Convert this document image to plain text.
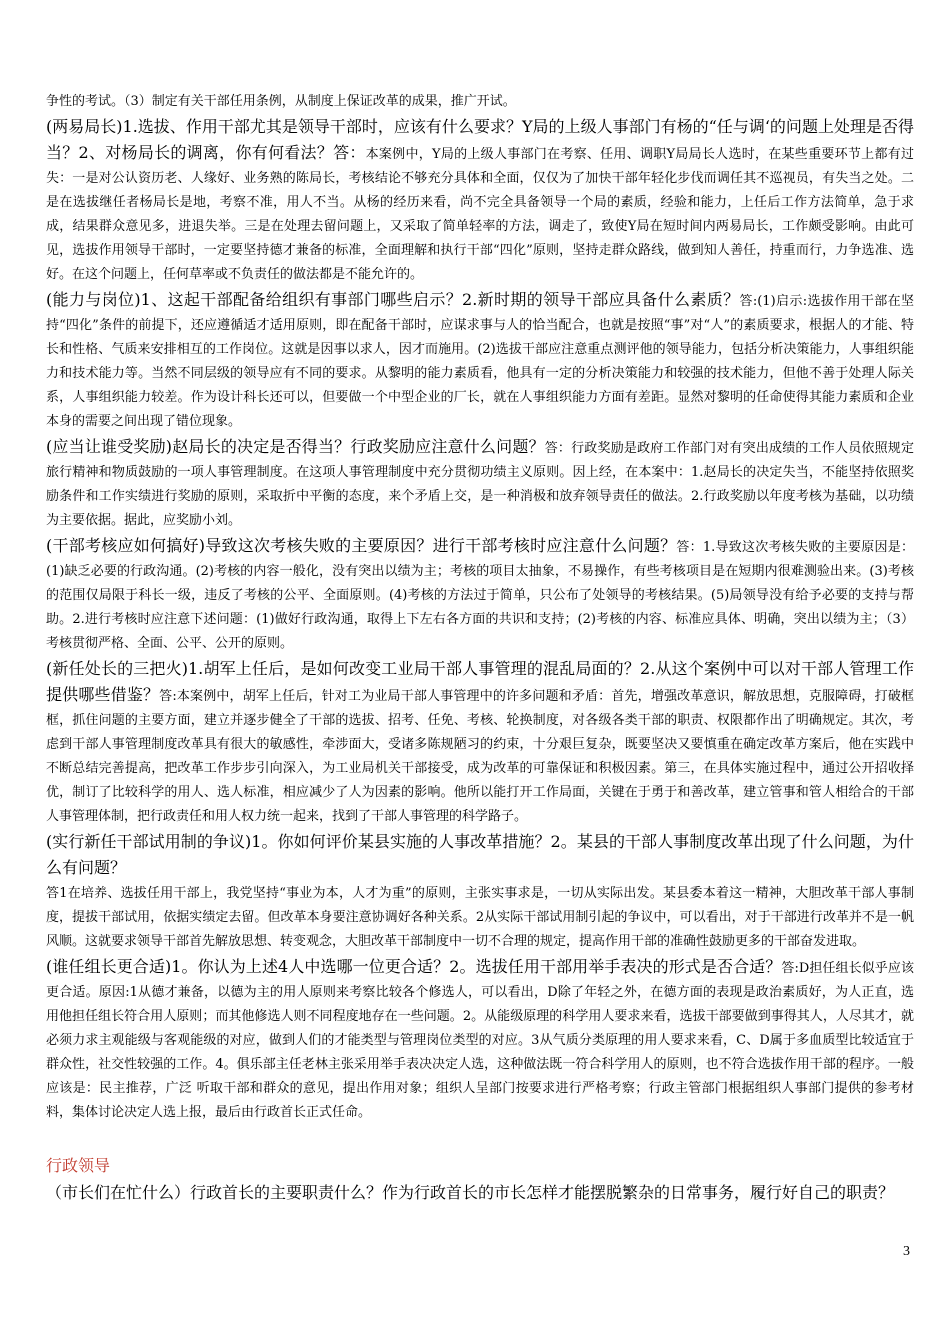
争性的考试。（3）制定有关干部任用条例，从制度上保证改革的成果，推广开试。

(两易局长)1.选拔、作用干部尤其是领导干部时，应该有什么要求？Y局的上级人事部门有杨的“任与调‘的问题上处理是否得当？2、对杨局长的调离，你有何看法？答：本案例中，Y局的上级人事部门在考察、任用、调职Y局局长人选时，在某些重要环节上都有过失：一是对公认资历老、人缘好、业务熟的陈局长，考核结论不够充分具体和全面，仅仅为了加快干部年轻化步伐而调任其不巡视员，有失当之处。二是在选拔继任者杨局长是地，考察不准，用人不当。从杨的经历来看，尚不完全具备领导一个局的素质，经验和能力，上任后工作方法简单，急于求成，结果群众意见多，进退失举。三是在处理去留问题上，又采取了简单轻率的方法，调走了，致使Y局在短时间内两易局长，工作颇受影响。由此可见，选拔作用领导干部时，一定要坚持德才兼备的标准，全面理解和执行干部“四化”原则，坚持走群众路线，做到知人善任，持重而行，力争选准、选好。在这个问题上，任何草率或不负责任的做法都是不能允许的。

(能力与岗位)1、这起干部配备给组织有事部门哪些启示？2.新时期的领导干部应具备什么素质？答:(1)启示:选拔作用干部在坚持“四化”条件的前提下，还应遵循适才适用原则，即在配备干部时，应谋求事与人的恰当配合，也就是按照“事”对“人”的素质要求，根据人的才能、特长和性格、气质来安排相互的工作岗位。这就是因事以求人，因才而施用。(2)选拔干部应注意重点测评他的领导能力，包括分析决策能力，人事组织能力和技术能力等。当然不同层级的领导应有不同的要求。从黎明的能力素质看，他具有一定的分析决策能力和较强的技术能力，但他不善于处理人际关系，人事组织能力较差。作为设计科长还可以，但要做一个中型企业的厂长，就在人事组织能力方面有差距。显然对黎明的任命使得其能力素质和企业本身的需要之间出现了错位现象。

(应当让谁受奖励)赵局长的决定是否得当？行政奖励应注意什么问题？答：行政奖励是政府工作部门对有突出成绩的工作人员依照规定旅行精神和物质鼓励的一项人事管理制度。在这项人事管理制度中充分贯彻功绩主义原则。因上经，在本案中：1.赵局长的决定失当，不能坚持依照奖励条件和工作实绩进行奖励的原则，采取折中平衡的态度，来个矛盾上交，是一种消极和放弃领导责任的做法。2.行政奖励以年度考核为基础，以功绩为主要依据。据此，应奖励小刘。

(干部考核应如何搞好)导致这次考核失败的主要原因？进行干部考核时应注意什么问题？答：1.导致这次考核失败的主要原因是：(1)缺乏必要的行政沟通。(2)考核的内容一般化，没有突出以绩为主；考核的项目太抽象，不易操作，有些考核项目是在短期内很难测验出来。(3)考核的范围仅局限于科长一级，违反了考核的公平、全面原则。(4)考核的方法过于简单，只公布了处领导的考核结果。(5)局领导没有给予必要的支持与帮助。2.进行考核时应注意下述问题：(1)做好行政沟通，取得上下左右各方面的共识和支持；(2)考核的内容、标准应具体、明确，突出以绩为主；（3）考核贯彻严格、全面、公平、公开的原则。

(新任处长的三把火)1.胡军上任后，是如何改变工业局干部人事管理的混乱局面的？2.从这个案例中可以对干部人管理工作提供哪些借鉴？答:本案例中，胡军上任后，针对工为业局干部人事管理中的许多问题和矛盾：首先，增强改革意识，解放思想，克服障碍，打破框框，抓住问题的主要方面，建立并逐步健全了干部的选拔、招考、任免、考核、轮换制度，对各级各类干部的职责、权限都作出了明确规定。其次，考虑到干部人事管理制度改革具有很大的敏感性，牵涉面大，受诸多陈规陋习的约束，十分艰巨复杂，既要坚决又要慎重在确定改革方案后，他在实践中不断总结完善提高，把改革工作步步引向深入，为工业局机关干部接受，成为改革的可靠保证和积极因素。第三，在具体实施过程中，通过公开招收择优，制订了比较科学的用人、选人标准，相应减少了人为因素的影响。他所以能打开工作局面，关键在于勇于和善改革，建立管事和管人相给合的干部人事管理体制，把行政责任和用人权力统一起来，找到了干部人事管理的科学路子。

(实行新任干部试用制的争议)1。你如何评价某县实施的人事改革措施？2。某县的干部人事制度改革出现了什么问题，为什么有问题？
答1在培养、选拔任用干部上，我党坚持“事业为本，人才为重”的原则，主张实事求是，一切从实际出发。某县委本着这一精神，大胆改革干部人事制度，提拔干部试用，依据实绩定去留。但改革本身要注意协调好各种关系。2从实际干部试用制引起的争议中，可以看出，对于干部进行改革并不是一帆风顺。这就要求领导干部首先解放思想、转变观念，大胆改革干部制度中一切不合理的规定，提高作用干部的准确性鼓励更多的干部奋发进取。

(谁任组长更合适)1。你认为上述4人中选哪一位更合适？2。选拔任用干部用举手表决的形式是否合适？答:D担任组长似乎应该更合适。原因:1从德才兼备，以德为主的用人原则来考察比较各个修选人，可以看出，D除了年轻之外，在德方面的表现是政治素质好，为人正直，选用他担任组长符合用人原则；而其他修选人则不同程度地存在一些问题。2。从能级原理的科学用人要求来看，选拔干部要做到事得其人，人尽其才，就必须力求主观能级与客观能级的对应，做到人们的才能类型与管理岗位类型的对应。3从气质分类原理的用人要求来看，C、D属于多血质型比较适宜于群众性，社交性较强的工作。4。俱乐部主任老林主张采用举手表决决定人选，这种做法既一符合科学用人的原则，也不符合选拔作用干部的程序。一般应该是：民主推荐，广泛 听取干部和群众的意见，提出作用对象；组织人呈部门按要求进行严格考察；行政主管部门根据组织人事部门提供的参考材料，集体讨论决定人选上报，最后由行政首长正式任命。

行政领导
（市长们在忙什么）行政首长的主要职责什么？作为行政首长的市长怎样才能摆脱繁杂的日常事务，履行好自己的职责？
3
